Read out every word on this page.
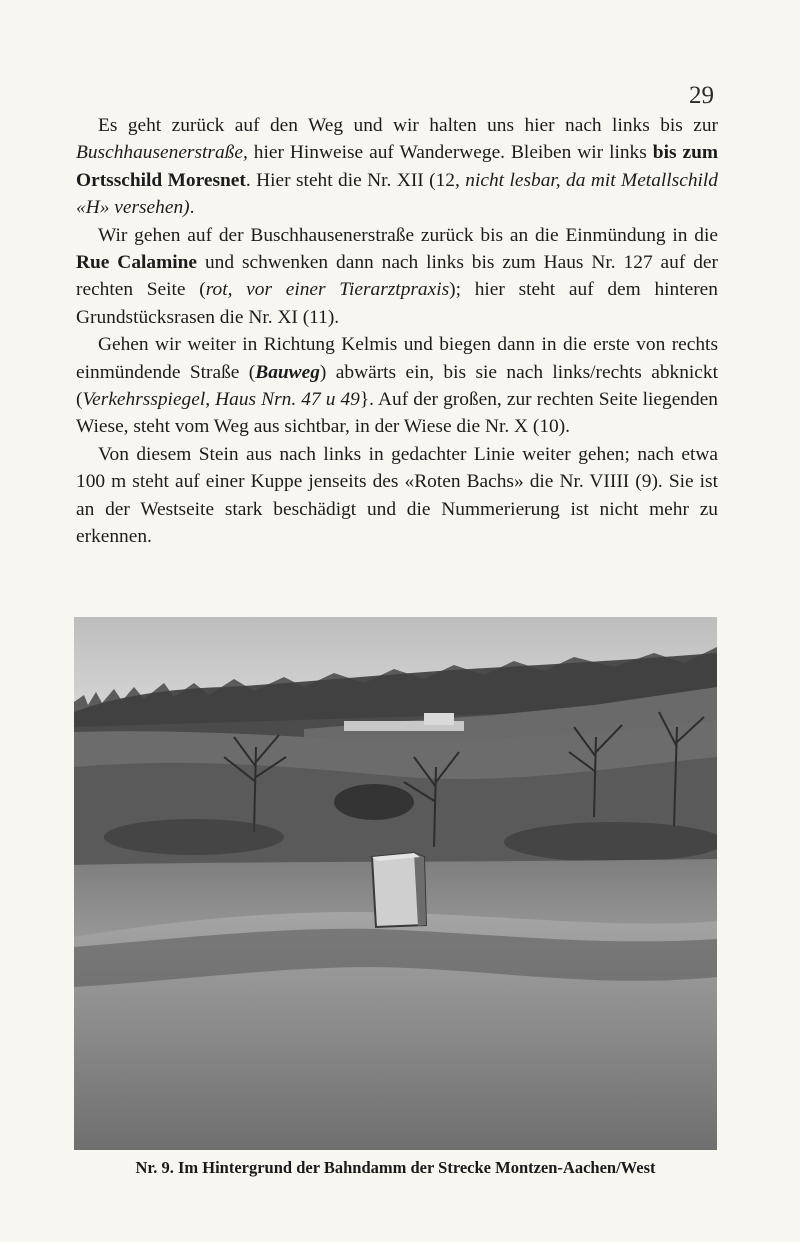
29

Es geht zurück auf den Weg und wir halten uns hier nach links bis zur Buschhausenerstraße, hier Hinweise auf Wanderwege. Bleiben wir links bis zum Ortsschild Moresnet. Hier steht die Nr. XII (12, nicht lesbar, da mit Metallschild «H» versehen).

Wir gehen auf der Buschhausenerstraße zurück bis an die Einmündung in die Rue Calamine und schwenken dann nach links bis zum Haus Nr. 127 auf der rechten Seite (rot, vor einer Tierarztpraxis); hier steht auf dem hinteren Grundstücksrasen die Nr. XI (11).

Gehen wir weiter in Richtung Kelmis und biegen dann in die erste von rechts einmündende Straße (Bauweg) abwärts ein, bis sie nach links/rechts abknickt (Verkehrsspiegel, Haus Nrn. 47 u 49}. Auf der großen, zur rechten Seite liegenden Wiese, steht vom Weg aus sichtbar, in der Wiese die Nr. X (10).

Von diesem Stein aus nach links in gedachter Linie weiter gehen; nach etwa 100 m steht auf einer Kuppe jenseits des «Roten Bachs» die Nr. VIIII (9). Sie ist an der Westseite stark beschädigt und die Nummerierung ist nicht mehr zu erkennen.

Nr. 9. Im Hintergrund der Bahndamm der Strecke Montzen-Aachen/West
